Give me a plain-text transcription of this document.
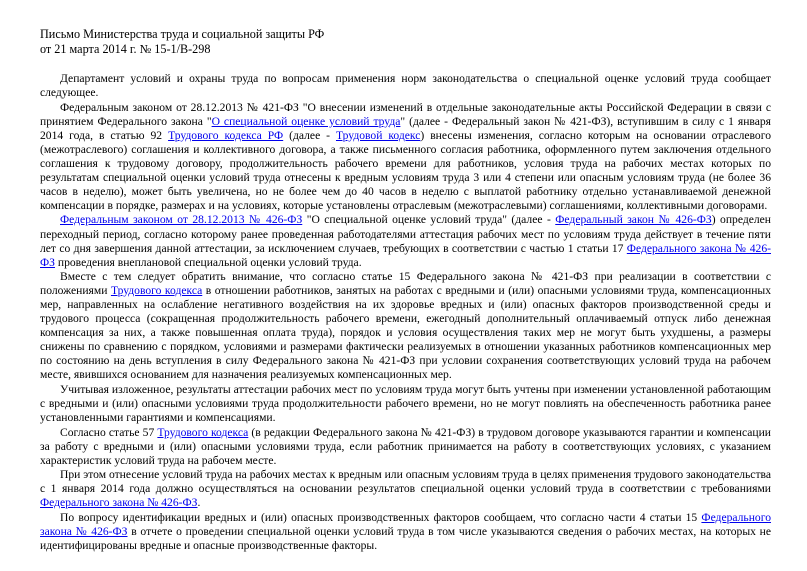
Письмо Министерства труда и социальной защиты РФ

от 21 марта 2014 г. № 15-1/В-298

Департамент условий и охраны труда по вопросам применения норм законодательства о специальной оценке условий труда сообщает следующее.

Федеральным законом от 28.12.2013 № 421-ФЗ "О внесении изменений в отдельные законодательные акты Российской Федерации в связи с принятием Федерального закона "О специальной оценке условий труда" (далее - Федеральный закон № 421-ФЗ), вступившим в силу с 1 января 2014 года, в статью 92 Трудового кодекса РФ (далее - Трудовой кодекс) внесены изменения, согласно которым на основании отраслевого (межотраслевого) соглашения и коллективного договора, а также письменного согласия работника, оформленного путем заключения отдельного соглашения к трудовому договору, продолжительность рабочего времени для работников, условия труда на рабочих местах которых по результатам специальной оценки условий труда отнесены к вредным условиям труда 3 или 4 степени или опасным условиям труда (не более 36 часов в неделю), может быть увеличена, но не более чем до 40 часов в неделю с выплатой работнику отдельно устанавливаемой денежной компенсации в порядке, размерах и на условиях, которые установлены отраслевым (межотраслевыми) соглашениями, коллективными договорами.

Федеральным законом от 28.12.2013 № 426-ФЗ "О специальной оценке условий труда" (далее - Федеральный закон № 426-ФЗ) определен переходный период, согласно которому ранее проведенная работодателями аттестация рабочих мест по условиям труда действует в течение пяти лет со дня завершения данной аттестации, за исключением случаев, требующих в соответствии с частью 1 статьи 17 Федерального закона № 426-ФЗ проведения внеплановой специальной оценки условий труда.

Вместе с тем следует обратить внимание, что согласно статье 15 Федерального закона № 421-ФЗ при реализации в соответствии с положениями Трудового кодекса в отношении работников, занятых на работах с вредными и (или) опасными условиями труда, компенсационных мер, направленных на ослабление негативного воздействия на их здоровье вредных и (или) опасных факторов производственной среды и трудового процесса (сокращенная продолжительность рабочего времени, ежегодный дополнительный оплачиваемый отпуск либо денежная компенсация за них, а также повышенная оплата труда), порядок и условия осуществления таких мер не могут быть ухудшены, а размеры снижены по сравнению с порядком, условиями и размерами фактически реализуемых в отношении указанных работников компенсационных мер по состоянию на день вступления в силу Федерального закона № 421-ФЗ при условии сохранения соответствующих условий труда на рабочем месте, явившихся основанием для назначения реализуемых компенсационных мер.

Учитывая изложенное, результаты аттестации рабочих мест по условиям труда могут быть учтены при изменении установленной работающим с вредными и (или) опасными условиями труда продолжительности рабочего времени, но не могут повлиять на обеспеченность работника ранее установленными гарантиями и компенсациями.

Согласно статье 57 Трудового кодекса (в редакции Федерального закона № 421-ФЗ) в трудовом договоре указываются гарантии и компенсации за работу с вредными и (или) опасными условиями труда, если работник принимается на работу в соответствующих условиях, с указанием характеристик условий труда на рабочем месте.

При этом отнесение условий труда на рабочих местах к вредным или опасным условиям труда в целях применения трудового законодательства с 1 января 2014 года должно осуществляться на основании результатов специальной оценки условий труда в соответствии с требованиями Федерального закона № 426-ФЗ.

По вопросу идентификации вредных и (или) опасных производственных факторов сообщаем, что согласно части 4 статьи 15 Федерального закона № 426-ФЗ в отчете о проведении специальной оценки условий труда в том числе указываются сведения о рабочих местах, на которых не идентифицированы вредные и опасные производственные факторы.
